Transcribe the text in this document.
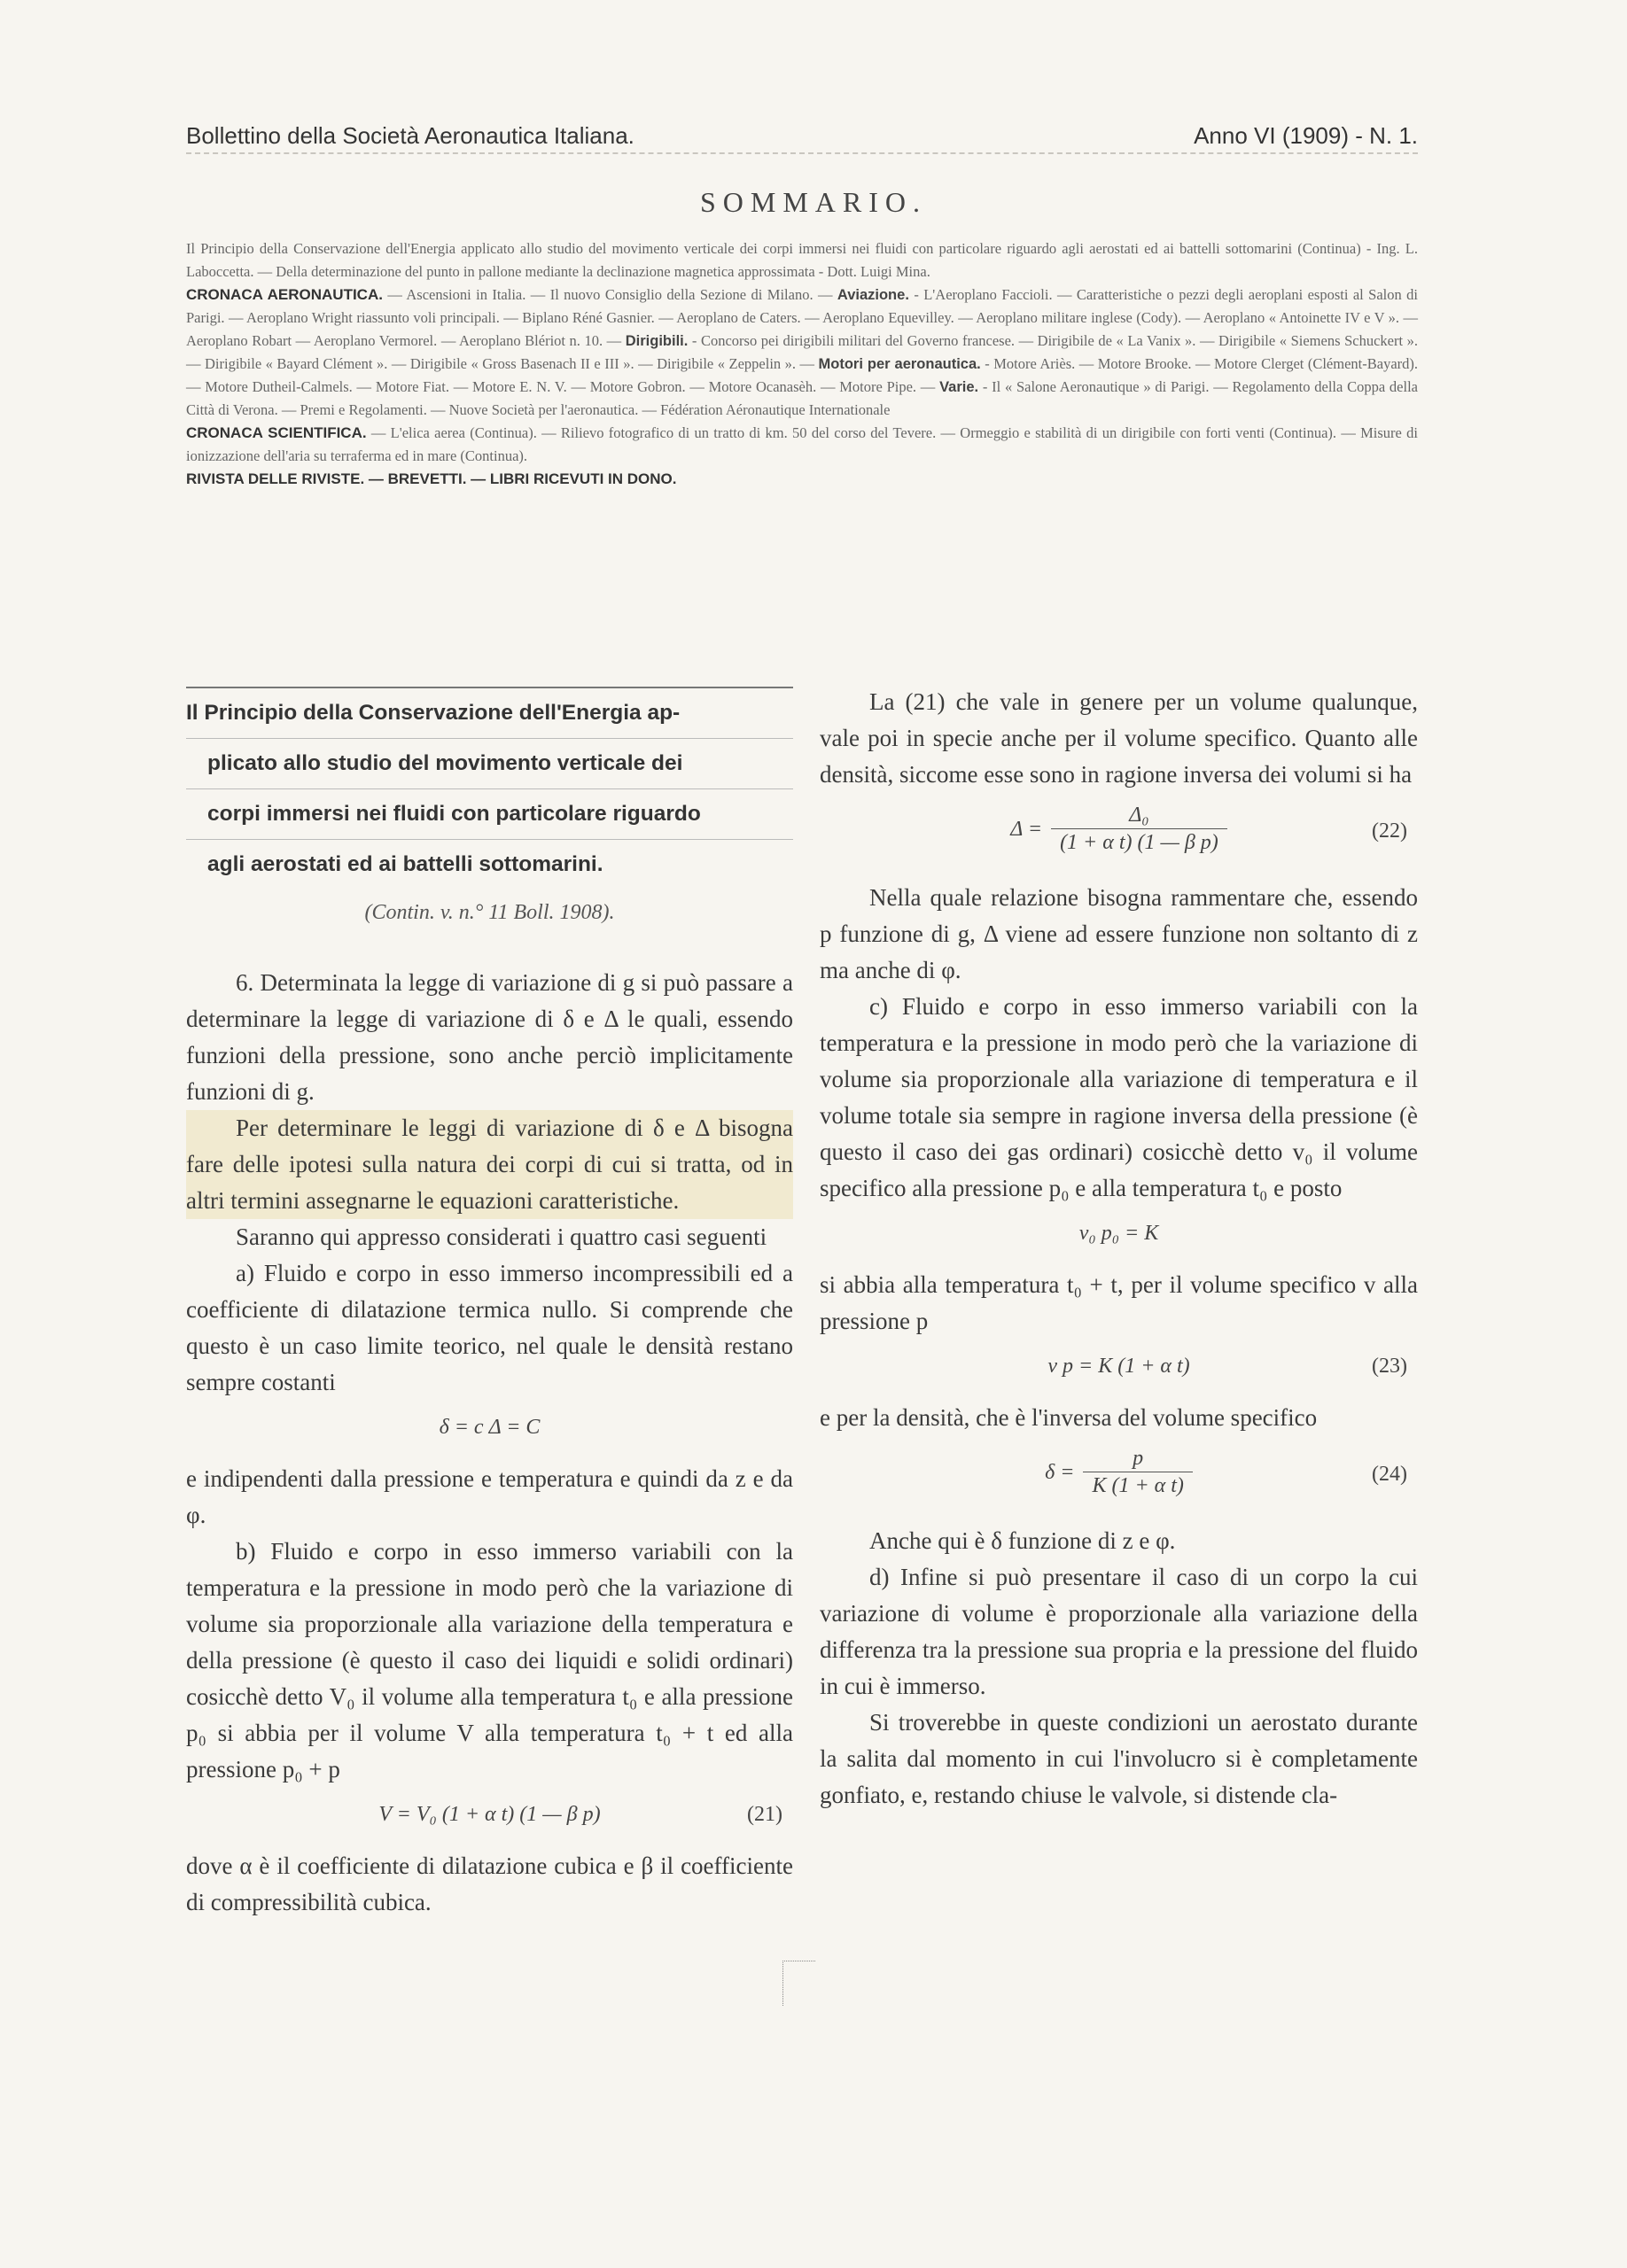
Bollettino della Società Aeronautica Italiana.	Anno VI (1909) - N. 1.
SOMMARIO.

Il Principio della Conservazione dell'Energia applicato allo studio del movimento verticale dei corpi immersi nei fluidi con particolare riguardo agli aerostati ed ai battelli sottomarini (Continua) - Ing. L. Laboccetta. — Della determinazione del punto in pallone mediante la declinazione magnetica approssimata - Dott. Luigi Mina.

CRONACA AERONAUTICA. — Ascensioni in Italia. — Il nuovo Consiglio della Sezione di Milano. — Aviazione. - L'Aeroplano Faccioli. — Caratteristiche o pezzi degli aeroplani esposti al Salon di Parigi. — Aeroplano Wright riassunto voli principali. — Biplano Réné Gasnier. — Aeroplano de Caters. — Aeroplano Equevilley. — Aeroplano militare inglese (Cody). — Aeroplano « Antoinette IV e V ». — Aeroplano Robart — Aeroplano Vermorel. — Aeroplano Blériot n. 10. — Dirigibili. - Concorso pei dirigibili militari del Governo francese. — Dirigibile de « La Vanix ». — Dirigibile « Siemens Schuckert ». — Dirigibile « Bayard Clément ». — Dirigibile « Gross Basenach II e III ». — Dirigibile « Zeppelin ». — Motori per aeronautica. - Motore Ariès. — Motore Brooke. — Motore Clerget (Clément-Bayard). — Motore Dutheil-Calmels. — Motore Fiat. — Motore E. N. V. — Motore Gobron. — Motore Ocanasèh. — Motore Pipe. — Varie. - Il « Salone Aeronautique » di Parigi. — Regolamento della Coppa della Città di Verona. — Premi e Regolamenti. — Nuove Società per l'aeronautica. — Fédération Aéronautique Internationale

CRONACA SCIENTIFICA. — L'elica aerea (Continua). — Rilievo fotografico di un tratto di km. 50 del corso del Tevere. — Ormeggio e stabilità di un dirigibile con forti venti (Continua). — Misure di ionizzazione dell'aria su terraferma ed in mare (Continua).

RIVISTA DELLE RIVISTE. — BREVETTI. — LIBRI RICEVUTI IN DONO.

Il Principio della Conservazione dell'Energia ap-
plicato allo studio del movimento verticale dei
corpi immersi nei fluidi con particolare riguardo
agli aerostati ed ai battelli sottomarini.

(Contin. v. n.° 11 Boll. 1908).

6. Determinata la legge di variazione di g si può passare a determinare la legge di variazione di δ e Δ le quali, essendo funzioni della pressione, sono anche perciò implicitamente funzioni di g.

Per determinare le leggi di variazione di δ e Δ bisogna fare delle ipotesi sulla natura dei corpi di cui si tratta, od in altri termini assegnarne le equazioni caratteristiche.

Saranno qui appresso considerati i quattro casi seguenti

a) Fluido e corpo in esso immerso incompressibili ed a coefficiente di dilatazione termica nullo. Si comprende che questo è un caso limite teorico, nel quale le densità restano sempre costanti

δ = c Δ = C

e indipendenti dalla pressione e temperatura e quindi da z e da φ.

b) Fluido e corpo in esso immerso variabili con la temperatura e la pressione in modo però che la variazione di volume sia proporzionale alla variazione della temperatura e della pressione (è questo il caso dei liquidi e solidi ordinari) cosicchè detto V₀ il volume alla temperatura t₀ e alla pressione p₀ si abbia per il volume V alla temperatura t₀ + t ed alla pressione p₀ + p

V = V₀ (1 + α t) (1 — β p)	(21)

dove α è il coefficiente di dilatazione cubica e β il coefficiente di compressibilità cubica.

La (21) che vale in genere per un volume qualunque, vale poi in specie anche per il volume specifico. Quanto alle densità, siccome esse sono in ragione inversa dei volumi si ha

$\Delta = \frac{\text{Δ₀}}{\text{(1 + α t) (1 — β p)}}$	(22)

Nella quale relazione bisogna rammentare che, essendo p funzione di g, Δ viene ad essere funzione non soltanto di z ma anche di φ.

c) Fluido e corpo in esso immerso variabili con la temperatura e la pressione in modo però che la variazione di volume sia proporzionale alla variazione di temperatura e il volume totale sia sempre in ragione inversa della pressione (è questo il caso dei gas ordinari) cosicchè detto v₀ il volume specifico alla pressione p₀ e alla temperatura t₀ e posto

v₀ p₀ = K

si abbia alla temperatura t₀ + t, per il volume specifico v alla pressione p

v p = K (1 + α t)	(23)

e per la densità, che è l'inversa del volume specifico

$\delta = \frac{p}{\text{K (1 + α t)}}$	(24)

Anche qui è δ funzione di z e φ.

d) Infine si può presentare il caso di un corpo la cui variazione di volume è proporzionale alla variazione della differenza tra la pressione sua propria e la pressione del fluido in cui è immerso.

Si troverebbe in queste condizioni un aerostato durante la salita dal momento in cui l'involucro si è completamente gonfiato, e, restando chiuse le valvole, si distende cla-
